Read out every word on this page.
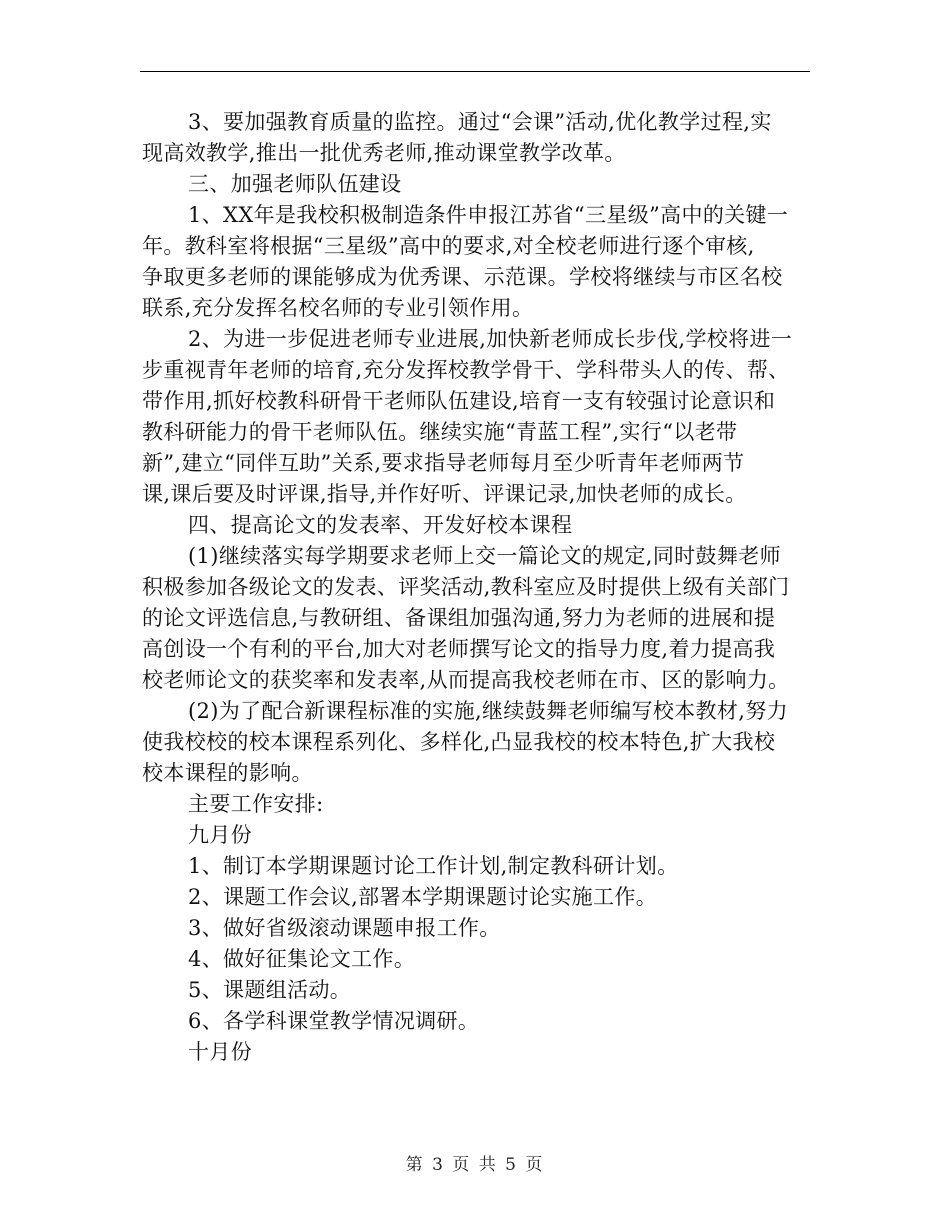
3、要加强教育质量的监控。通过“会课”活动,优化教学过程,实
现高效教学,推出一批优秀老师,推动课堂教学改革。
三、加强老师队伍建设
1、XX年是我校积极制造条件申报江苏省“三星级”高中的关键一
年。教科室将根据“三星级”高中的要求,对全校老师进行逐个审核,
争取更多老师的课能够成为优秀课、示范课。学校将继续与市区名校
联系,充分发挥名校名师的专业引领作用。
2、为进一步促进老师专业进展,加快新老师成长步伐,学校将进一
步重视青年老师的培育,充分发挥校教学骨干、学科带头人的传、帮、
带作用,抓好校教科研骨干老师队伍建设,培育一支有较强讨论意识和
教科研能力的骨干老师队伍。继续实施“青蓝工程”,实行“以老带
新”,建立“同伴互助”关系,要求指导老师每月至少听青年老师两节
课,课后要及时评课,指导,并作好听、评课记录,加快老师的成长。
四、提高论文的发表率、开发好校本课程
(1)继续落实每学期要求老师上交一篇论文的规定,同时鼓舞老师
积极参加各级论文的发表、评奖活动,教科室应及时提供上级有关部门
的论文评选信息,与教研组、备课组加强沟通,努力为老师的进展和提
高创设一个有利的平台,加大对老师撰写论文的指导力度,着力提高我
校老师论文的获奖率和发表率,从而提高我校老师在市、区的影响力。
(2)为了配合新课程标准的实施,继续鼓舞老师编写校本教材,努力
使我校校的校本课程系列化、多样化,凸显我校的校本特色,扩大我校
校本课程的影响。
主要工作安排:
九月份
1、制订本学期课题讨论工作计划,制定教科研计划。
2、课题工作会议,部署本学期课题讨论实施工作。
3、做好省级滚动课题申报工作。
4、做好征集论文工作。
5、课题组活动。
6、各学科课堂教学情况调研。
十月份
第 3 页 共 5 页
